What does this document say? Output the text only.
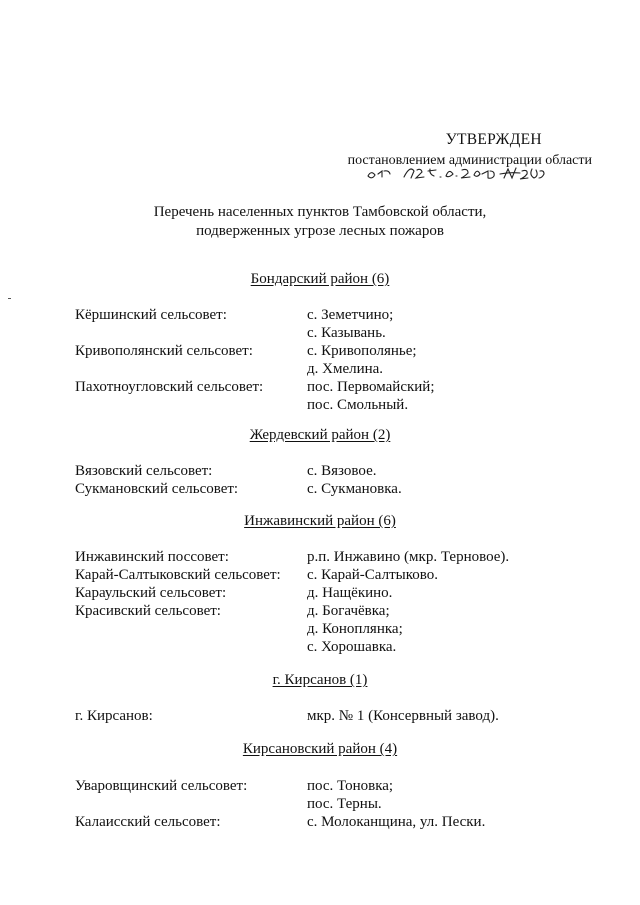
УТВЕРЖДЕН
постановлением администрации области
Перечень населенных пунктов Тамбовской области,
подверженных угрозе лесных пожаров
Бондарский район (6)
Кёршинский сельсовет:	с. Земетчино;
с. Казывань.
Кривополянский сельсовет:	с. Кривополянье;
д. Хмелина.
Пахотноугловский сельсовет:	пос. Первомайский;
пос. Смольный.
Жердевский район (2)
Вязовский сельсовет:	с. Вязовое.
Сукмановский сельсовет:	с. Сукмановка.
Инжавинский район (6)
Инжавинский поссовет:	р.п. Инжавино (мкр. Терновое).
Карай-Салтыковский сельсовет: с. Карай-Салтыково.
Караульский сельсовет:	д. Нащёкино.
Красивский сельсовет:	д. Богачёвка;
д. Коноплянка;
с. Хорошавка.
г. Кирсанов (1)
г. Кирсанов:	мкр. № 1 (Консервный завод).
Кирсановский район (4)
Уваровщинский сельсовет:	пос. Тоновка;
пос. Терны.
Калаисский сельсовет:	с. Молоканщина, ул. Пески.
